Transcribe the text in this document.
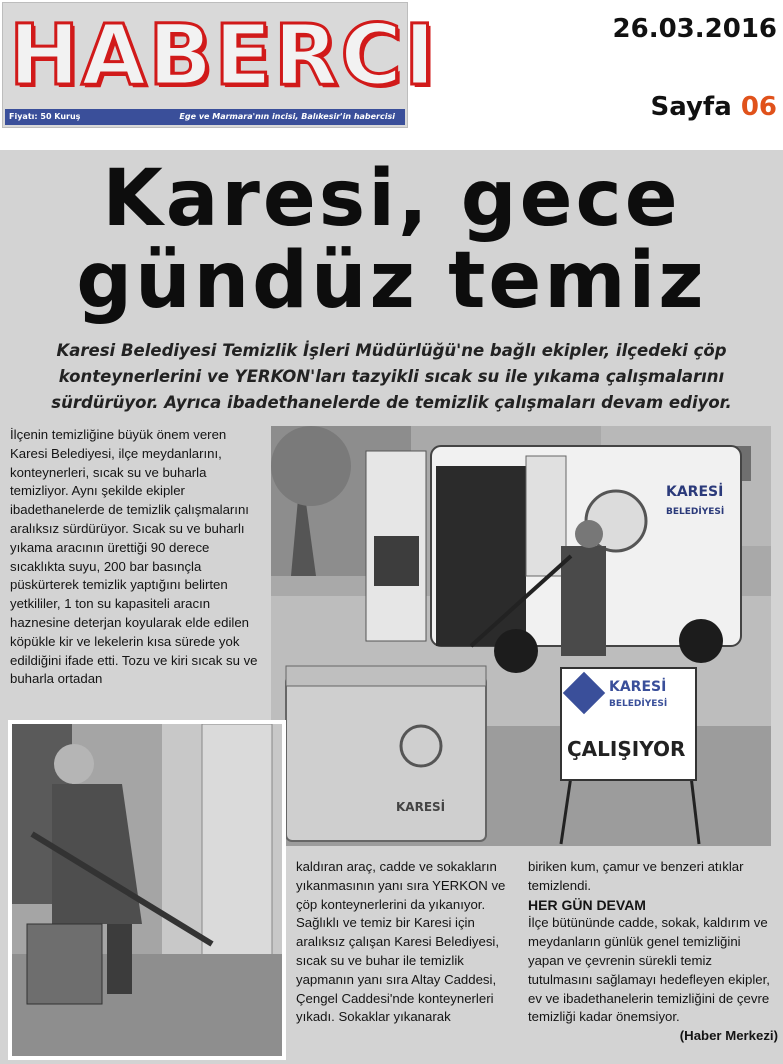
HABERCI
Fiyatı: 50 Kuruş	Ege ve Marmara'nın incisi, Balıkesir'in habercisi
26.03.2016
Sayfa 06
Karesi, gece
gündüz temiz
Karesi Belediyesi Temizlik İşleri Müdürlüğü'ne bağlı ekipler, ilçedeki çöp konteynerlerini ve YERKON'ları tazyikli sıcak su ile yıkama çalışmalarını sürdürüyor. Ayrıca ibadethanelerde de temizlik çalışmaları devam ediyor.
İlçenin temizliğine büyük önem veren Karesi Belediyesi, ilçe meydanlarını, konteynerleri, sıcak su ve buharla temizliyor. Aynı şekilde ekipler ibadethanelerde de temizlik çalışmalarını aralıksız sürdürüyor. Sıcak su ve buharlı yıkama aracının ürettiği 90 derece sıcaklıkta suyu, 200 bar basınçla püskürterek temizlik yaptığını belirten yetkililer, 1 ton su kapasiteli aracın haznesine deterjan koyularak elde edilen köpükle kir ve lekelerin kısa sürede yok edildiğini ifade etti. Tozu ve kiri sıcak su ve buharla ortadan
KARESİ
BELEDİYESİ
KARESİ
KARESİ
BELEDİYESİ
ÇALIŞIYOR
kaldıran araç, cadde ve sokakların yıkanmasının yanı sıra YERKON ve çöp konteynerlerini da yıkanıyor. Sağlıklı ve temiz bir Karesi için aralıksız çalışan Karesi Belediyesi, sıcak su ve buhar ile temizlik yapmanın yanı sıra Altay Caddesi, Çengel Caddesi'nde konteynerleri yıkadı. Sokaklar yıkanarak
biriken kum, çamur ve benzeri atıklar temizlendi.
HER GÜN DEVAM
İlçe bütününde cadde, sokak, kaldırım ve meydanların günlük genel temizliğini yapan ve çevrenin sürekli temiz tutulmasını sağlamayı hedefleyen ekipler, ev ve ibadethanelerin temizliğini de çevre temizliği kadar önemsiyor.
(Haber Merkezi)
